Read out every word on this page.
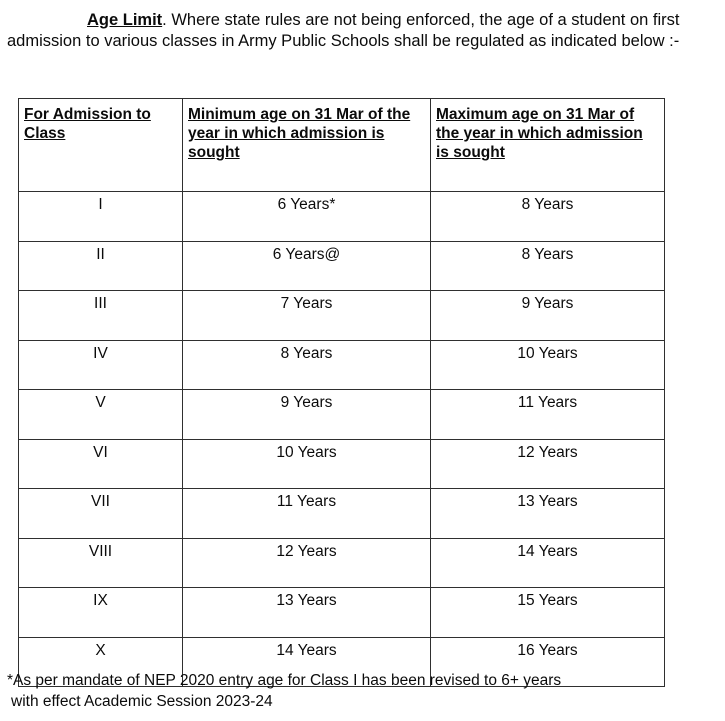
Age Limit. Where state rules are not being enforced, the age of a student on first admission to various classes in Army Public Schools shall be regulated as indicated below :-
For Admission to Class	Minimum age on 31 Mar of the year in which admission is sought	Maximum age on 31 Mar of the year in which admission is sought
I	6 Years*	8 Years
II	6 Years@	8 Years
III	7 Years	9 Years
IV	8 Years	10 Years
V	9 Years	11 Years
VI	10 Years	12 Years
VII	11 Years	13 Years
VIII	12 Years	14 Years
IX	13 Years	15 Years
X	14 Years	16 Years
*As per mandate of NEP 2020 entry age for Class I has been revised to 6+ years
with effect Academic Session 2023-24
